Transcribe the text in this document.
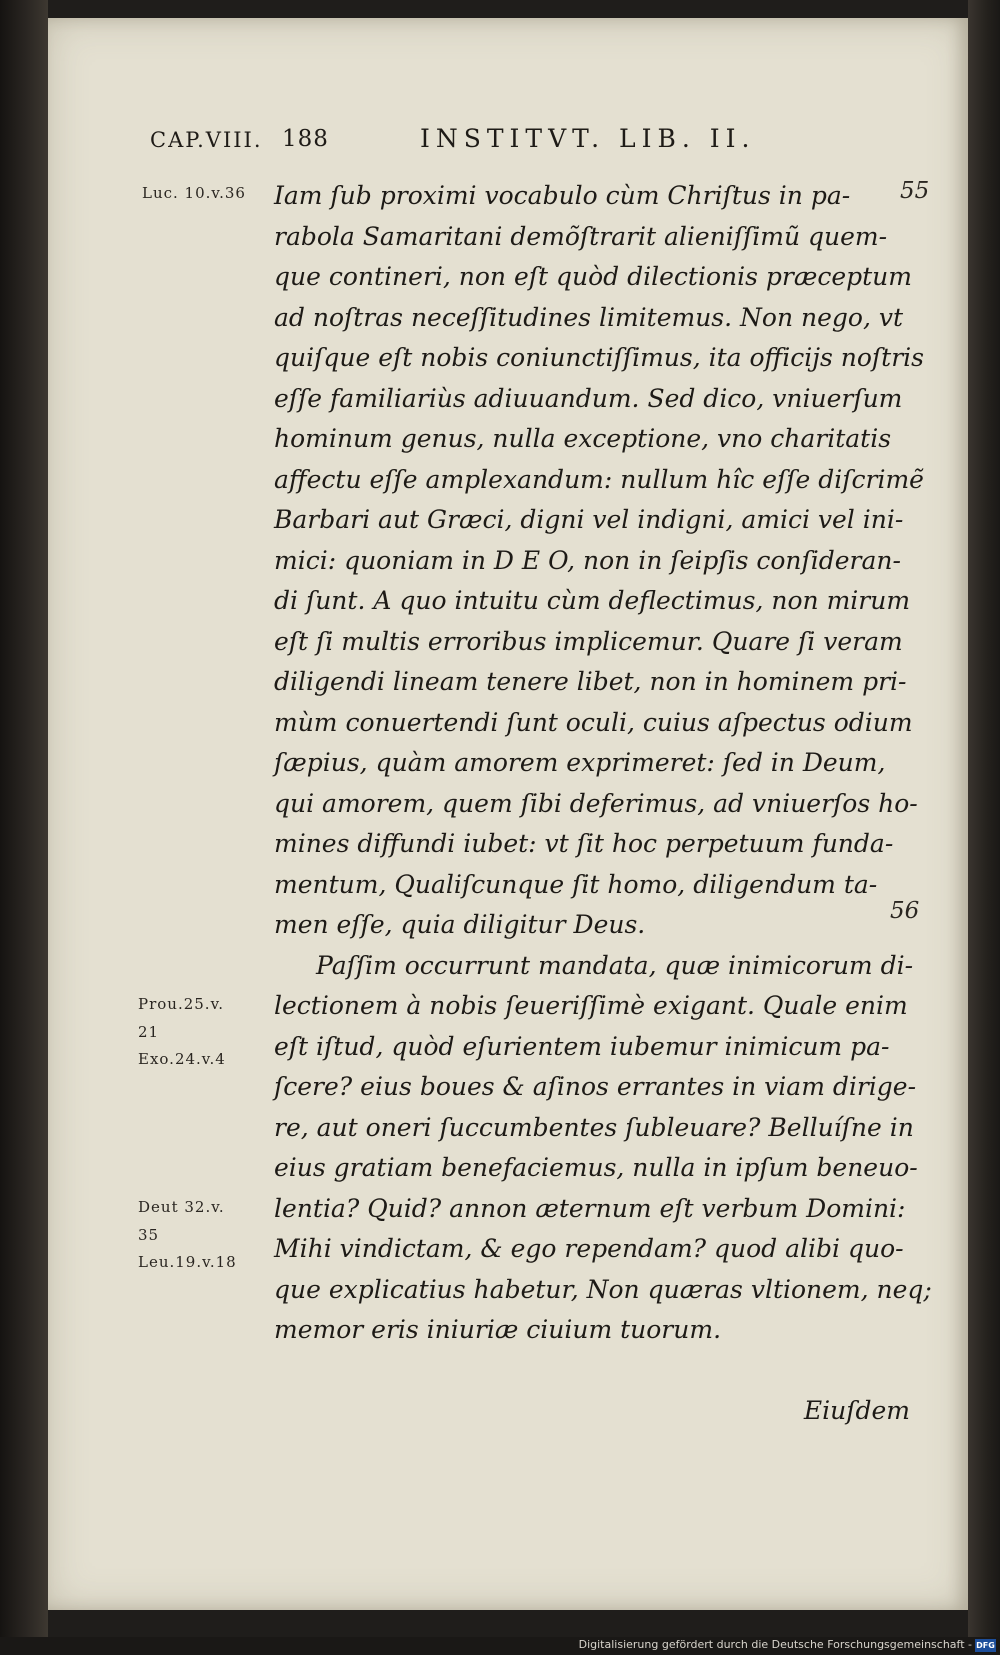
CAP.VIII. 188	INSTITVT. LIB. II.
Luc. 10.v.36
Prou.25.v.
21
Exo.24.v.4
Deut 32.v.
35
Leu.19.v.18
55
56
Iam ſub proximi vocabulo cùm Chriſtus in pa-
rabola Samaritani demõſtrarit alieniſſimũ quem-
que contineri, non eſt quòd dilectionis præceptum
ad noſtras neceſſitudines limitemus. Non nego, vt
quiſque eſt nobis coniunctiſſimus, ita officijs noſtris
eſſe familiariùs adiuuandum. Sed dico, vniuerſum
hominum genus, nulla exceptione, vno charitatis
affectu eſſe amplexandum: nullum hîc eſſe diſcrimẽ
Barbari aut Græci, digni vel indigni, amici vel ini-
mici: quoniam in D E O, non in ſeipſis conſideran-
di ſunt. A quo intuitu cùm deflectimus, non mirum
eſt ſi multis erroribus implicemur. Quare ſi veram
diligendi lineam tenere libet, non in hominem pri-
mùm conuertendi ſunt oculi, cuius aſpectus odium
ſæpius, quàm amorem exprimeret: ſed in Deum,
qui amorem, quem ſibi deferimus, ad vniuerſos ho-
mines diffundi iubet: vt ſit hoc perpetuum funda-
mentum, Qualiſcunque ſit homo, diligendum ta-
men eſſe, quia diligitur Deus.
Paſſim occurrunt mandata, quæ inimicorum di-
lectionem à nobis ſeueriſſimè exigant. Quale enim
eſt iſtud, quòd eſurientem iubemur inimicum pa-
ſcere? eius boues & aſinos errantes in viam dirige-
re, aut oneri ſuccumbentes ſubleuare? Belluíſne in
eius gratiam benefaciemus, nulla in ipſum beneuo-
lentia? Quid? annon æternum eſt verbum Domini:
Mihi vindictam, & ego rependam? quod alibi quo-
que explicatius habetur, Non quæras vltionem, neq;
memor eris iniuriæ ciuium tuorum.
Eiuſdem
Digitalisierung gefördert durch die Deutsche Forschungsgemeinschaft - DFG
